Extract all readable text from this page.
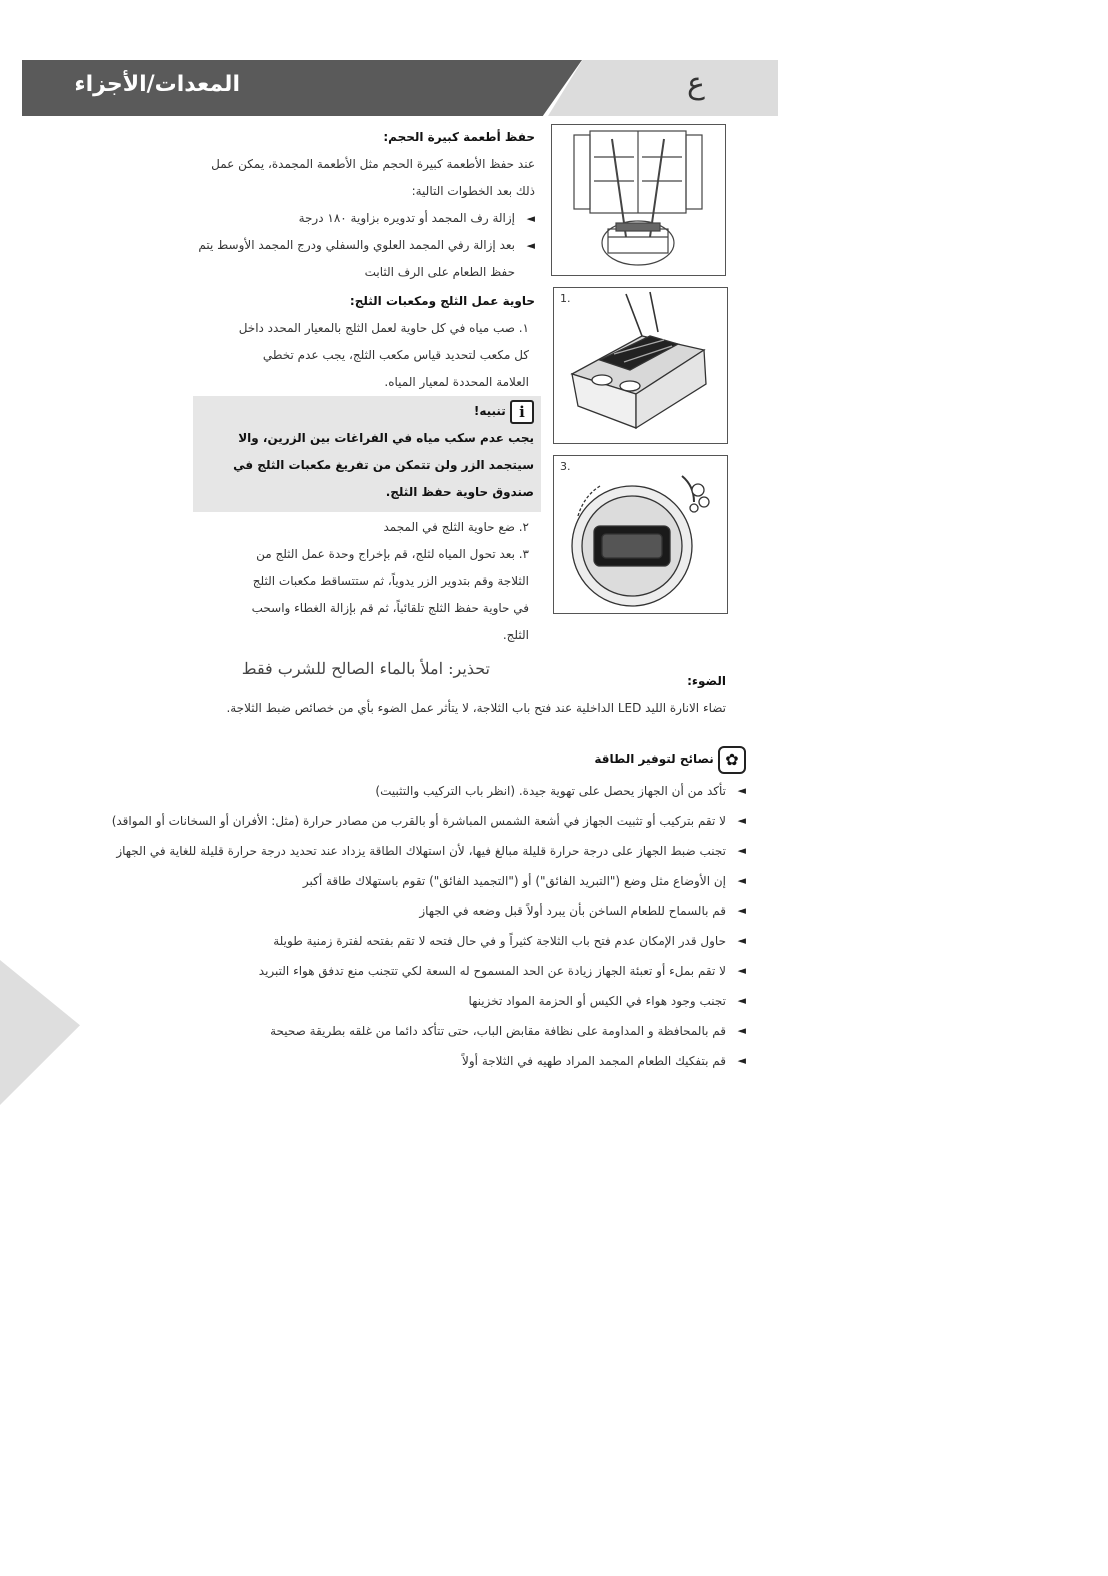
المعدات/الأجزاء	ع

حفظ أطعمة كبيرة الحجم:

عند حفظ الأطعمة كبيرة الحجم مثل الأطعمة المجمدة، يمكن عمل ذلك بعد الخطوات التالية:

◄
إزالة رف المجمد أو تدويره بزاوية ١٨٠ درجة

◄
بعد إزالة رفي المجمد العلوي والسفلي ودرج المجمد الأوسط يتم حفظ الطعام على الرف الثابت

حاوية عمل الثلج ومكعبات الثلج:

١. صب مياه في كل حاوية لعمل الثلج بالمعيار المحدد داخل كل مكعب لتحديد قياس مكعب الثلج، يجب عدم تخطي العلامة المحددة لمعيار المياه.

i تنبيه!

يجب عدم سكب مياه في الفراغات بين الزرين، والا سيتجمد الزر ولن تتمكن من تفريغ مكعبات الثلج في صندوق حاوية حفظ الثلج.

٢. ضع حاوية الثلج في المجمد

٣. بعد تحول المياه لثلج، قم بإخراج وحدة عمل الثلج من الثلاجة وقم بتدوير الزر يدوياً، ثم ستتساقط مكعبات الثلج في حاوية حفظ الثلج تلقائياً، ثم قم بإزالة الغطاء واسحب الثلج.

تحذير: املأ بالماء الصالح للشرب فقط
1.
3.

الضوء:

تضاء الانارة الليد LED الداخلية عند فتح باب الثلاجة، لا يتأثر عمل الضوء بأي من خصائص ضبط الثلاجة.

✿ نصائح لتوفير الطاقة

◄
تأكد من أن الجهاز يحصل على تهوية جيدة. (انظر باب التركيب والتثبيت)

◄
لا تقم بتركيب أو تثبيت الجهاز في أشعة الشمس المباشرة أو بالقرب من مصادر حرارة (مثل: الأفران أو السخانات أو المواقد)

◄
تجنب ضبط الجهاز على درجة حرارة قليلة مبالغ فيها، لأن استهلاك الطاقة يزداد عند تحديد درجة حرارة قليلة للغاية في الجهاز

◄
إن الأوضاع مثل وضع ("التبريد الفائق") أو ("التجميد الفائق") تقوم باستهلاك طاقة أكبر

◄
قم بالسماح للطعام الساخن بأن يبرد أولاً قبل وضعه في الجهاز

◄
حاول قدر الإمكان عدم فتح باب الثلاجة كثيراً و في حال فتحه لا تقم بفتحه لفترة زمنية طويلة

◄
لا تقم بملء أو تعبئة الجهاز زيادة عن الحد المسموح له السعة لكي تتجنب منع تدفق هواء التبريد

◄
تجنب وجود هواء في الكيس أو الحزمة المواد تخزينها

◄
قم بالمحافظة و المداومة على نظافة مقابض الباب، حتى تتأكد دائما من غلقه بطريقة صحيحة

◄
قم بتفكيك الطعام المجمد المراد طهيه في الثلاجة أولاً
